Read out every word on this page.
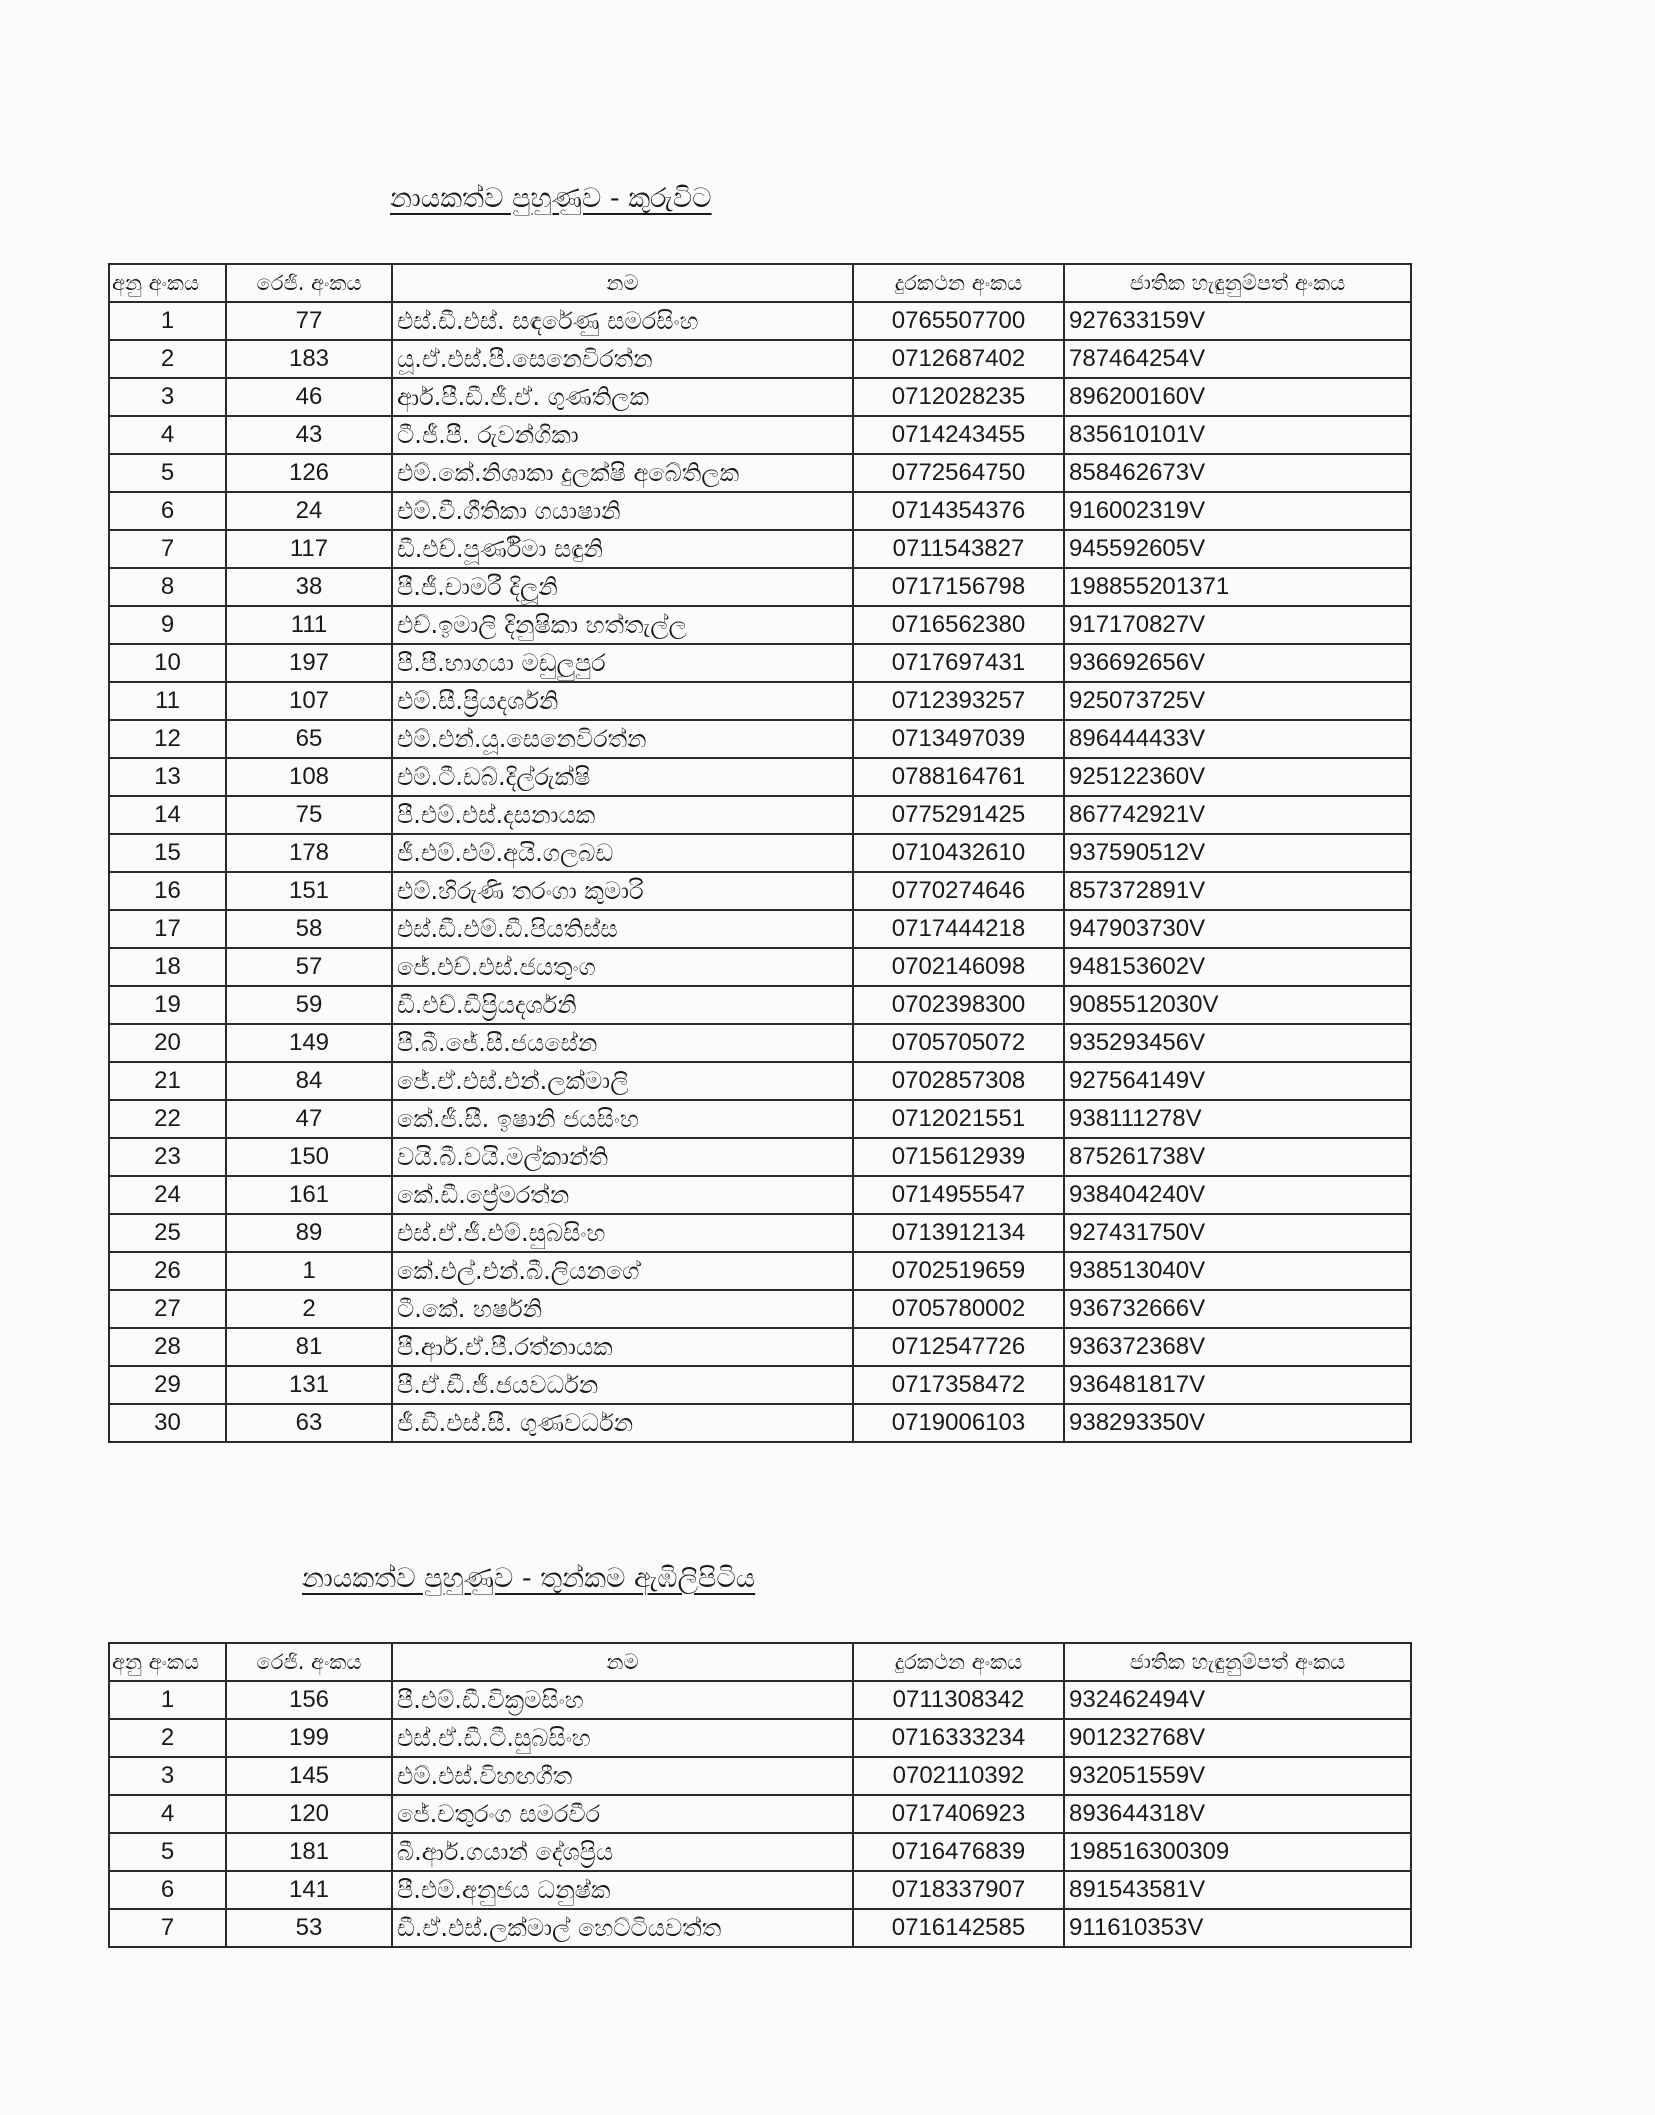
නායකත්ව පුහුණුව - කුරුවිට
අනු අංකය	රෙජි. අංකය	නම	දුරකථන අංකය	ජාතික හැඳුනුම්පත් අංකය
1	77	එස්.ඩී.එස්. සඳරේණු සමරසිංහ	0765507700	927633159V
2	183	යූ.ඒ.එස්.පී.සෙනෙවිරත්න	0712687402	787464254V
3	46	ආර්.පී.ඩී.ජී.ඒ. ගුණතිලක	0712028235	896200160V
4	43	ටී.ජී.පී. රුවන්ගිකා	0714243455	835610101V
5	126	එම්.කේ.නිශාකා දුලක්ෂි අබේතිලක	0772564750	858462673V
6	24	එම්.වී.ගීතිකා ගයාෂානි	0714354376	916002319V
7	117	ඩී.එච්.පූර්ණිමා සඳුනි	0711543827	945592605V
8	38	පී.ජී.චාමරී දිලූනි	0717156798	198855201371
9	111	එච්.ඉමාලි දිනුෂිකා හත්තැල්ල	0716562380	917170827V
10	197	පී.පී.භාගයා මඩුලුපුර	0717697431	936692656V
11	107	එම්.සී.ප්‍රියදර්ශනි	0712393257	925073725V
12	65	එම්.එන්.යූ.සෙනෙවිරත්න	0713497039	896444433V
13	108	එම්.ටී.ඩබ්.දිල්රුක්ෂි	0788164761	925122360V
14	75	පී.එම්.එස්.දසනායක	0775291425	867742921V
15	178	ජී.එම්.එම්.අයි.ගලබඩ	0710432610	937590512V
16	151	එම්.හිරුණි තරංගා කුමාරි	0770274646	857372891V
17	58	එස්.ඩී.එම්.ඩී.පියතිස්ස	0717444218	947903730V
18	57	ජේ.එච්.එස්.ජයතුංග	0702146098	948153602V
19	59	ඩී.එච්.ඩීප්‍රියදර්ශනි	0702398300	9085512030V
20	149	පී.බී.ජේ.සී.ජයසේන	0705705072	935293456V
21	84	ජේ.ඒ.එස්.එන්.ලක්මාලි	0702857308	927564149V
22	47	කේ.ජී.සී. ඉෂානි ජයසිංහ	0712021551	938111278V
23	150	වයි.බී.වයි.මල්කාන්ති	0715612939	875261738V
24	161	කේ.ඩී.ප්‍රේමරත්න	0714955547	938404240V
25	89	එස්.ඒ.ජී.එම්.සුබසිංහ	0713912134	927431750V
26	1	කේ.එල්.එන්.බී.ලියනගේ	0702519659	938513040V
27	2	ටී.කේ. හර්ෂනි	0705780002	936732666V
28	81	පී.ආර්.ඒ.පී.රත්නායක	0712547726	936372368V
29	131	පී.ඒ.ඩී.ජී.ජයවර්ධන	0717358472	936481817V
30	63	ජී.ඩී.එස්.සී. ගුණවර්ධන	0719006103	938293350V
නායකත්ව පුහුණුව - තුන්කම ඇඹිලිපිටිය
අනු අංකය	රෙජි. අංකය	නම	දුරකථන අංකය	ජාතික හැඳුනුම්පත් අංකය
1	156	පී.එම්.ඩී.වික්‍රමසිංහ	0711308342	932462494V
2	199	එස්.ඒ.ඩී.ටී.සුබසිංහ	0716333234	901232768V
3	145	එම්.එස්.විහඟගීත	0702110392	932051559V
4	120	ජේ.චතුරංග සමරවීර	0717406923	893644318V
5	181	බී.ආර්.ගයාන් දේශප්‍රිය	0716476839	198516300309
6	141	පී.එම්.අනුජය ධනුෂ්ක	0718337907	891543581V
7	53	ඩී.ඒ.එස්.ලක්මාල් හෙට්ටියවත්ත	0716142585	911610353V
